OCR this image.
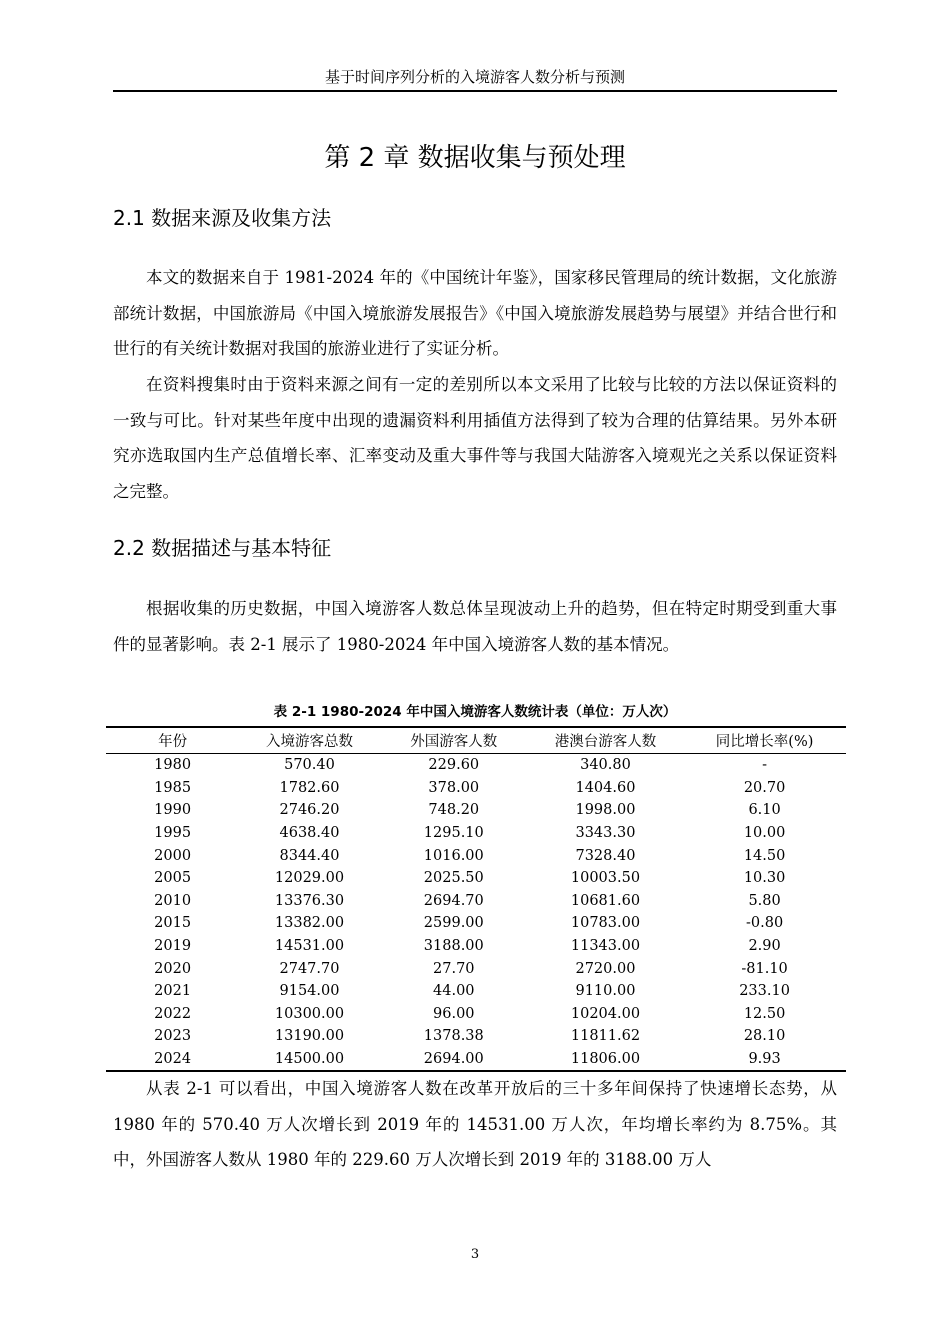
基于时间序列分析的入境游客人数分析与预测
第 2 章 数据收集与预处理
2.1 数据来源及收集方法

本文的数据来自于 1981-2024 年的《中国统计年鉴》，国家移民管理局的统计数据，文化旅游部统计数据，中国旅游局《中国入境旅游发展报告》《中国入境旅游发展趋势与展望》并结合世行和世行的有关统计数据对我国的旅游业进行了实证分析。

在资料搜集时由于资料来源之间有一定的差别所以本文采用了比较与比较的方法以保证资料的一致与可比。针对某些年度中出现的遗漏资料利用插值方法得到了较为合理的估算结果。另外本研究亦选取国内生产总值增长率、汇率变动及重大事件等与我国大陆游客入境观光之关系以保证资料之完整。

2.2 数据描述与基本特征

根据收集的历史数据，中国入境游客人数总体呈现波动上升的趋势，但在特定时期受到重大事件的显著影响。表 2-1 展示了 1980-2024 年中国入境游客人数的基本情况。

表 2-1 1980-2024 年中国入境游客人数统计表（单位：万人次）
年份	入境游客总数	外国游客人数	港澳台游客人数	同比增长率(%)
1980	570.40	229.60	340.80	-
1985	1782.60	378.00	1404.60	20.70
1990	2746.20	748.20	1998.00	6.10
1995	4638.40	1295.10	3343.30	10.00
2000	8344.40	1016.00	7328.40	14.50
2005	12029.00	2025.50	10003.50	10.30
2010	13376.30	2694.70	10681.60	5.80
2015	13382.00	2599.00	10783.00	-0.80
2019	14531.00	3188.00	11343.00	2.90
2020	2747.70	27.70	2720.00	-81.10
2021	9154.00	44.00	9110.00	233.10
2022	10300.00	96.00	10204.00	12.50
2023	13190.00	1378.38	11811.62	28.10
2024	14500.00	2694.00	11806.00	9.93

从表 2-1 可以看出，中国入境游客人数在改革开放后的三十多年间保持了快速增长态势，从 1980 年的 570.40 万人次增长到 2019 年的 14531.00 万人次，年均增长率约为 8.75%。其中，外国游客人数从 1980 年的 229.60 万人次增长到 2019 年的 3188.00 万人

3
